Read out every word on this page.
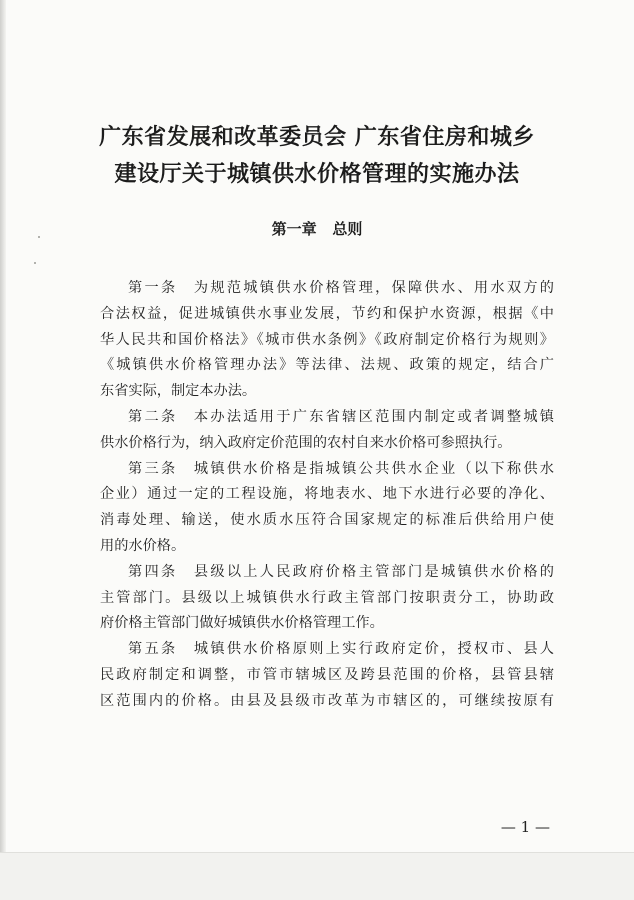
广东省发展和改革委员会 广东省住房和城乡
建设厅关于城镇供水价格管理的实施办法
第一章   总则
第一条　为规范城镇供水价格管理，保障供水、用水双方的
合法权益，促进城镇供水事业发展，节约和保护水资源，根据《中
华人民共和国价格法》《城市供水条例》《政府制定价格行为规则》
《城镇供水价格管理办法》等法律、法规、政策的规定，结合广
东省实际，制定本办法。
第二条　本办法适用于广东省辖区范围内制定或者调整城镇
供水价格行为，纳入政府定价范围的农村自来水价格可参照执行。
第三条　城镇供水价格是指城镇公共供水企业（以下称供水
企业）通过一定的工程设施，将地表水、地下水进行必要的净化、
消毒处理、输送，使水质水压符合国家规定的标准后供给用户使
用的水价格。
第四条　县级以上人民政府价格主管部门是城镇供水价格的
主管部门。县级以上城镇供水行政主管部门按职责分工，协助政
府价格主管部门做好城镇供水价格管理工作。
第五条　城镇供水价格原则上实行政府定价，授权市、县人
民政府制定和调整，市管市辖城区及跨县范围的价格，县管县辖
区范围内的价格。由县及县级市改革为市辖区的，可继续按原有
— 1 —
